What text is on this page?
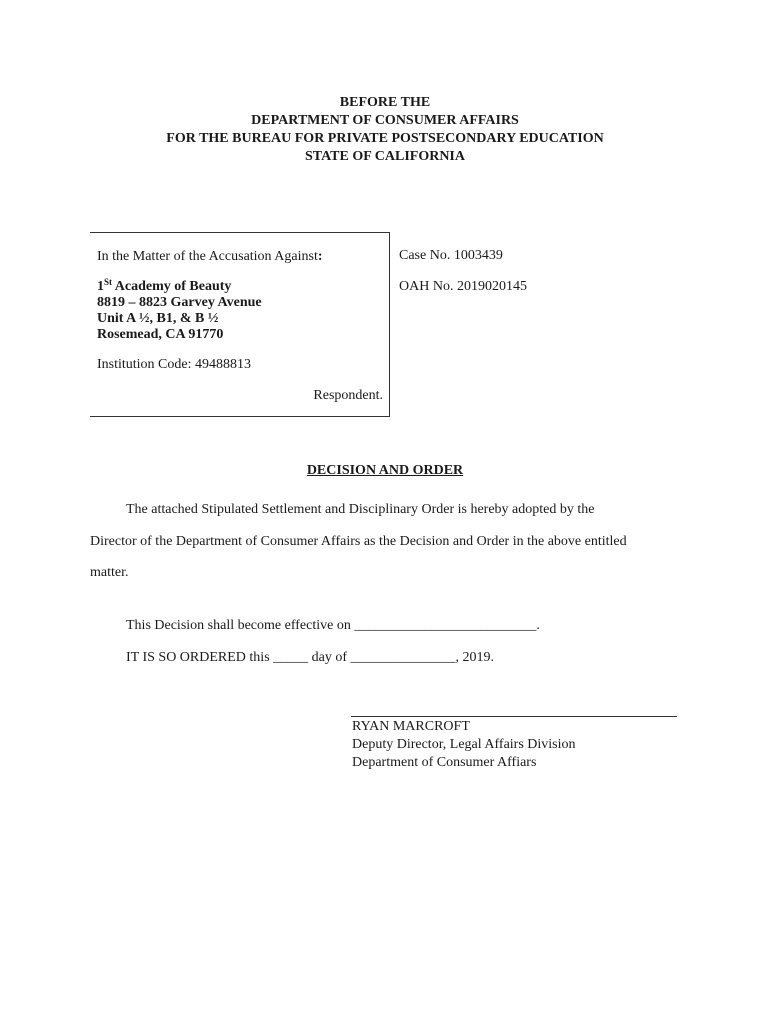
BEFORE THE
DEPARTMENT OF CONSUMER AFFAIRS
FOR THE BUREAU FOR PRIVATE POSTSECONDARY EDUCATION
STATE OF CALIFORNIA
In the Matter of the Accusation Against:
1St Academy of Beauty
8819 – 8823 Garvey Avenue
Unit A ½, B1, & B ½
Rosemead, CA 91770
Institution Code: 49488813
Respondent.
Case No. 1003439
OAH No. 2019020145
DECISION AND ORDER
The attached Stipulated Settlement and Disciplinary Order is hereby adopted by the
Director of the Department of Consumer Affairs as the Decision and Order in the above entitled
matter.
This Decision shall become effective on __________________________.
IT IS SO ORDERED this _____ day of _______________, 2019.
RYAN MARCROFT
Deputy Director, Legal Affairs Division
Department of Consumer Affiars
